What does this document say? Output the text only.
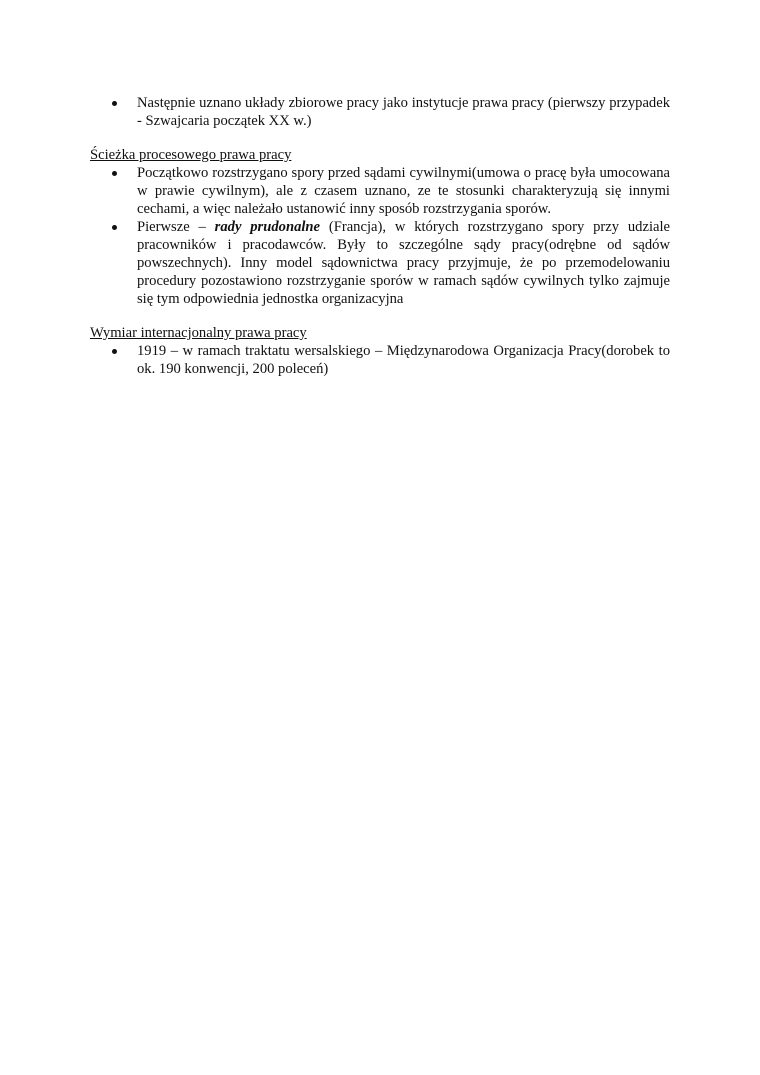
Następnie uznano układy zbiorowe pracy jako instytucje prawa pracy (pierwszy przypadek - Szwajcaria początek XX w.)
Ścieżka procesowego prawa pracy
Początkowo rozstrzygano spory przed sądami cywilnymi(umowa o pracę była umocowana w prawie cywilnym), ale z czasem uznano, ze te stosunki charakteryzują się innymi cechami, a więc należało ustanowić inny sposób rozstrzygania sporów.
Pierwsze – rady prudonalne (Francja), w których rozstrzygano spory przy udziale pracowników i pracodawców. Były to szczególne sądy pracy(odrębne od sądów powszechnych). Inny model sądownictwa pracy przyjmuje, że po przemodelowaniu procedury pozostawiono rozstrzyganie sporów w ramach sądów cywilnych tylko zajmuje się tym odpowiednia jednostka organizacyjna
Wymiar internacjonalny prawa pracy
1919 – w ramach traktatu wersalskiego – Międzynarodowa Organizacja Pracy(dorobek to ok. 190 konwencji, 200 poleceń)
